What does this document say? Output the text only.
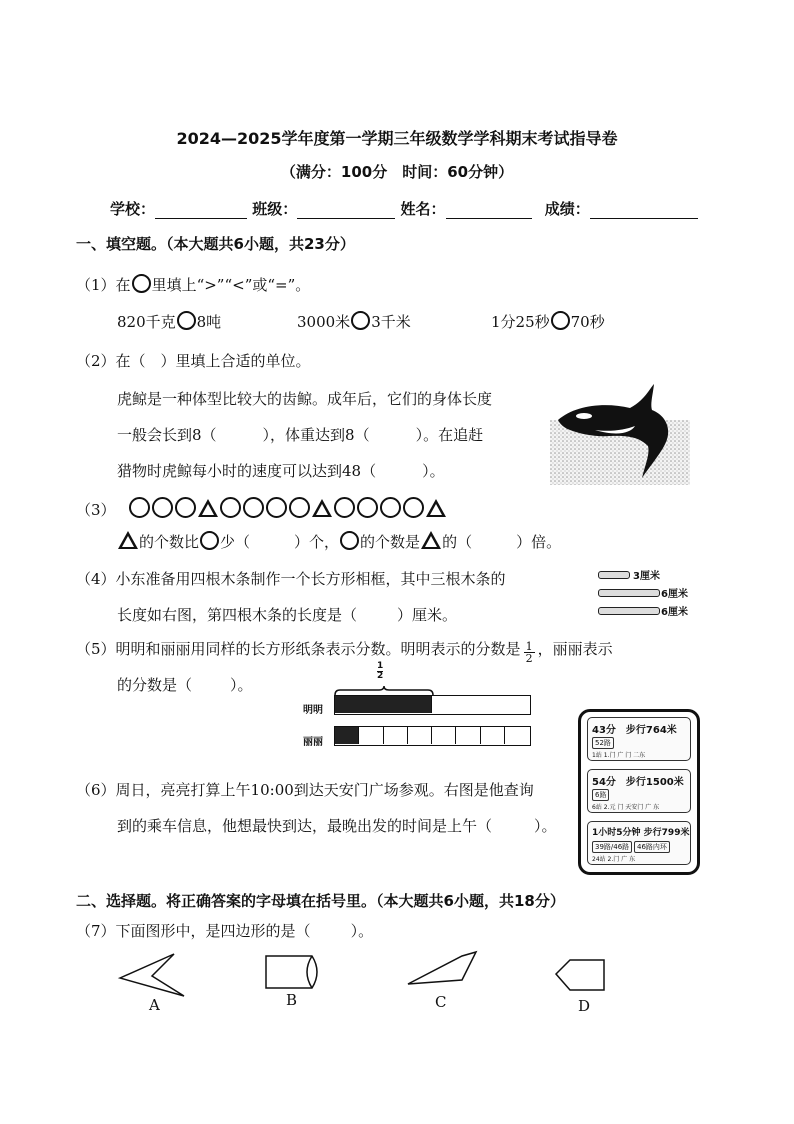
2024—2025学年度第一学期三年级数学学科期末考试指导卷
（满分：100分　时间：60分钟）
学校：	班级：	姓名：	成绩：
一、填空题。（本大题共6小题，共23分）
（1）在 里填上“>”“<”或“=”。
820千克 8吨	3000米 3千米	1分25秒 70秒
（2）在（　）里填上合适的单位。
虎鲸是一种体型比较大的齿鲸。成年后，它们的身体长度
一般会长到8（	），体重达到8（	）。在追赶
猎物时虎鲸每小时的速度可以达到48（	）。
（3）
的个数比 少（	）个， 的个数是 的（	）倍。
（4）小东准备用四根木条制作一个长方形相框，其中三根木条的
长度如右图，第四根木条的长度是（	）厘米。
3厘米
6厘米
6厘米
（5）明明和丽丽用同样的长方形纸条表示分数。明明表示的分数是 $\frac{1}{2}$ ，丽丽表示
的分数是（	）。
$\frac{1}{2}$
明明
丽丽
（6）周日，亮亮打算上午10:00到达天安门广场参观。右图是他查询
到的乘车信息，他想最快到达，最晚出发的时间是上午（	）。
43分　 步行764米
52路
1站 1.门 广 门 二东
54分　 步行1500米
6路
6站 2.元 门 天安门 广 东
1小时5分钟 步行799米
39路/46路	46路内环
24站 2.门 广 东
二、选择题。将正确答案的字母填在括号里。（本大题共6小题，共18分）
（7）下面图形中，是四边形的是（	）。
A	B	C	D
